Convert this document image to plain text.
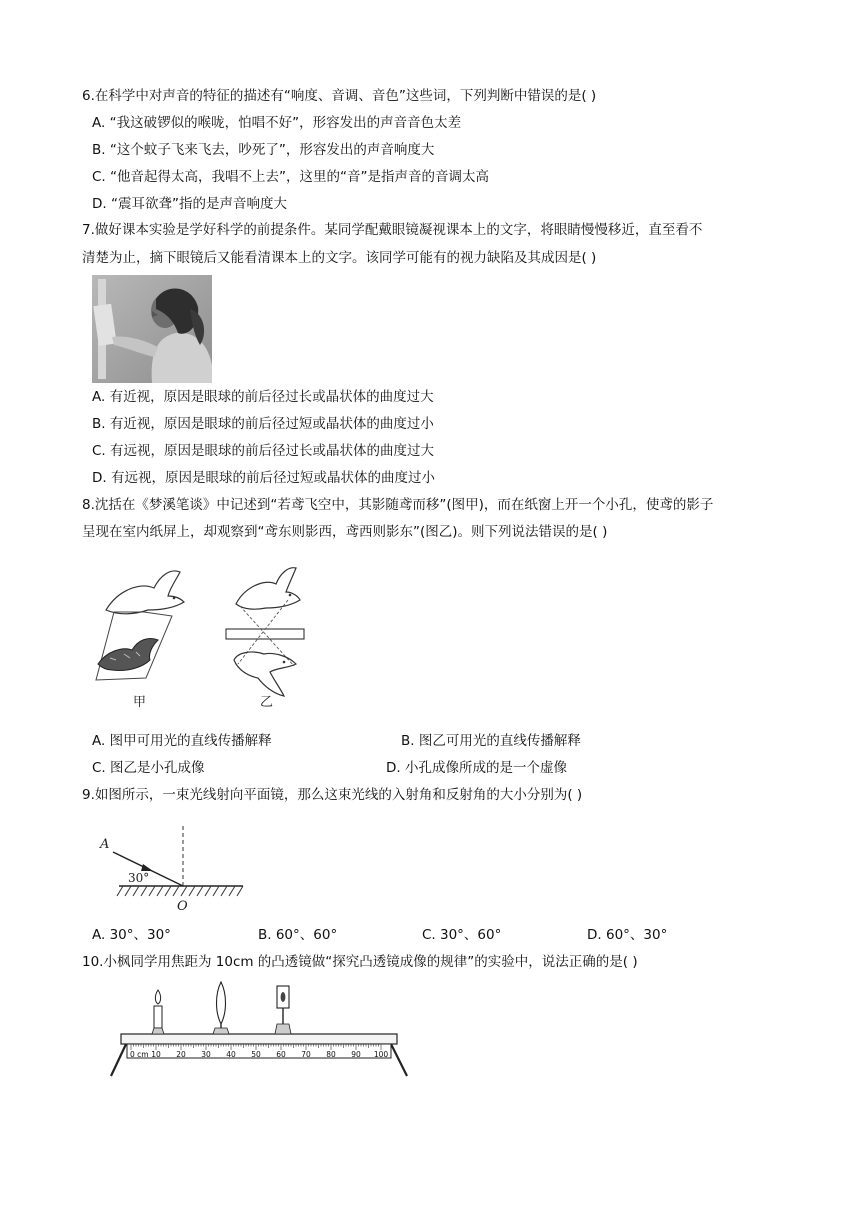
6.在科学中对声音的特征的描述有“响度、音调、音色”这些词，下列判断中错误的是( )
A. “我这破锣似的喉咙，怕唱不好”，形容发出的声音音色太差
B. “这个蚊子飞来飞去，吵死了”，形容发出的声音响度大
C. “他音起得太高，我唱不上去”，这里的“音”是指声音的音调太高
D. “震耳欲聋”指的是声音响度大
7.做好课本实验是学好科学的前提条件。某同学配戴眼镜凝视课本上的文字，将眼睛慢慢移近，直至看不
清楚为止，摘下眼镜后又能看清课本上的文字。该同学可能有的视力缺陷及其成因是( )
A. 有近视，原因是眼球的前后径过长或晶状体的曲度过大
B. 有近视，原因是眼球的前后径过短或晶状体的曲度过小
C. 有远视，原因是眼球的前后径过长或晶状体的曲度过大
D. 有远视，原因是眼球的前后径过短或晶状体的曲度过小
8.沈括在《梦溪笔谈》中记述到“若鸢飞空中，其影随鸢而移”(图甲)，而在纸窗上开一个小孔，使鸢的影子
呈现在室内纸屏上，却观察到“鸢东则影西，鸢西则影东”(图乙)。则下列说法错误的是( )
甲	乙
A. 图甲可用光的直线传播解释	B. 图乙可用光的直线传播解释
C. 图乙是小孔成像	D. 小孔成像所成的是一个虚像
9.如图所示，一束光线射向平面镜，那么这束光线的入射角和反射角的大小分别为( )
A
30°
O
A. 30°、30°	B. 60°、60°	C. 30°、60°	D. 60°、30°
10.小枫同学用焦距为 10cm 的凸透镜做“探究凸透镜成像的规律”的实验中，说法正确的是( )
0 cm 10 20 30 40 50 60 70 80 90 100
